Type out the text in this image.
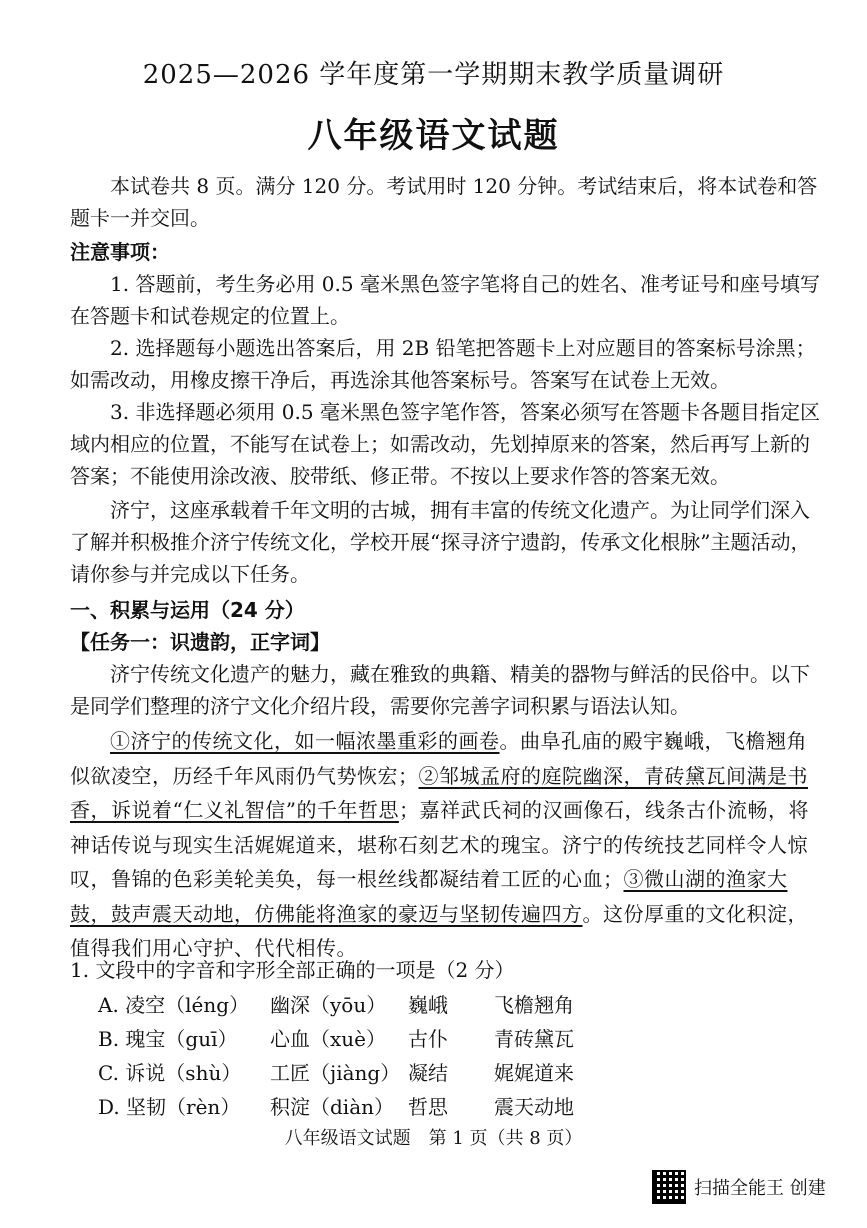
2025—2026 学年度第一学期期末教学质量调研
八年级语文试题
本试卷共 8 页。满分 120 分。考试用时 120 分钟。考试结束后，将本试卷和答题卡一并交回。
注意事项：
1. 答题前，考生务必用 0.5 毫米黑色签字笔将自己的姓名、准考证号和座号填写在答题卡和试卷规定的位置上。
2. 选择题每小题选出答案后，用 2B 铅笔把答题卡上对应题目的答案标号涂黑；如需改动，用橡皮擦干净后，再选涂其他答案标号。答案写在试卷上无效。
3. 非选择题必须用 0.5 毫米黑色签字笔作答，答案必须写在答题卡各题目指定区域内相应的位置，不能写在试卷上；如需改动，先划掉原来的答案，然后再写上新的答案；不能使用涂改液、胶带纸、修正带。不按以上要求作答的答案无效。
济宁，这座承载着千年文明的古城，拥有丰富的传统文化遗产。为让同学们深入了解并积极推介济宁传统文化，学校开展“探寻济宁遗韵，传承文化根脉”主题活动，请你参与并完成以下任务。
一、积累与运用（24 分）
【任务一：识遗韵，正字词】
济宁传统文化遗产的魅力，藏在雅致的典籍、精美的器物与鲜活的民俗中。以下是同学们整理的济宁文化介绍片段，需要你完善字词积累与语法认知。
①济宁的传统文化，如一幅浓墨重彩的画卷。曲阜孔庙的殿宇巍峨，飞檐翘角似欲凌空，历经千年风雨仍气势恢宏；②邹城孟府的庭院幽深，青砖黛瓦间满是书香，诉说着“仁义礼智信”的千年哲思；嘉祥武氏祠的汉画像石，线条古仆流畅，将神话传说与现实生活娓娓道来，堪称石刻艺术的瑰宝。济宁的传统技艺同样令人惊叹，鲁锦的色彩美轮美奂，每一根丝线都凝结着工匠的心血；③微山湖的渔家大鼓，鼓声震天动地，仿佛能将渔家的豪迈与坚韧传遍四方。这份厚重的文化积淀，值得我们用心守护、代代相传。
1. 文段中的字音和字形全部正确的一项是（2 分）
A. 凌空（léng）	幽深（yōu）	巍峨	飞檐翘角
B. 瑰宝（guī）	心血（xuè）	古仆	青砖黛瓦
C. 诉说（shù）	工匠（jiàng） 凝结	娓娓道来
D. 坚韧（rèn）	积淀（diàn） 哲思	震天动地
八年级语文试题　第 1 页（共 8 页）
扫描全能王 创建
